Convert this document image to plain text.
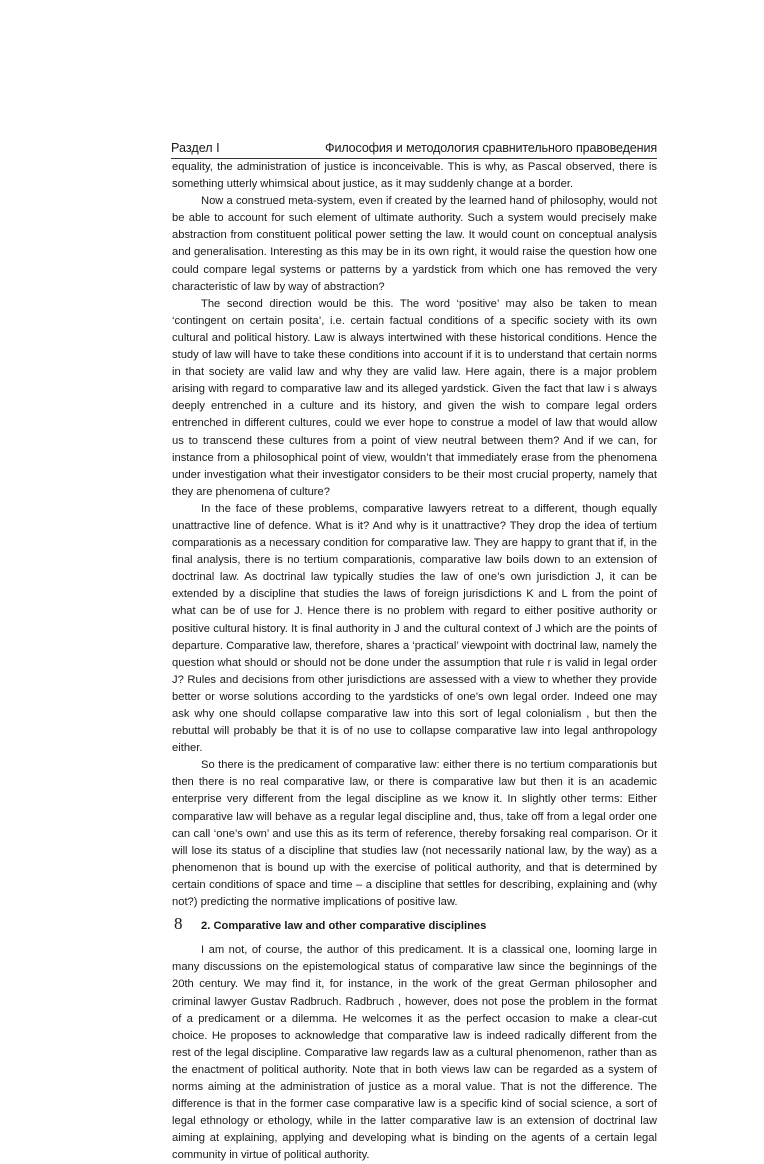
Раздел I	Философия и методология сравнительного правоведения

equality, the administration of justice is inconceivable. This is why, as Pascal observed, there is something utterly whimsical about justice, as it may suddenly change at a border.

Now a construed meta-system, even if created by the learned hand of philosophy, would not be able to account for such element of ultimate authority. Such a system would precisely make abstraction from constituent political power setting the law. It would count on conceptual analysis and generalisation. Interesting as this may be in its own right, it would raise the question how one could compare legal systems or patterns by a yardstick from which one has removed the very characteristic of law by way of abstraction?

The second direction would be this. The word ‘positive’ may also be taken to mean ‘contingent on certain posita’, i.e. certain factual conditions of a specific society with its own cultural and political history. Law is always intertwined with these historical conditions. Hence the study of law will have to take these conditions into account if it is to understand that certain norms in that society are valid law and why they are valid law. Here again, there is a major problem arising with regard to comparative law and its alleged yardstick. Given the fact that law i s always deeply entrenched in a culture and its history, and given the wish to compare legal orders entrenched in different cultures, could we ever hope to construe a model of law that would allow us to transcend these cultures from a point of view neutral between them? And if we can, for instance from a philosophical point of view, wouldn’t that immediately erase from the phenomena under investigation what their investigator considers to be their most crucial property, namely that they are phenomena of culture?

In the face of these problems, comparative lawyers retreat to a different, though equally unattractive line of defence. What is it? And why is it unattractive? They drop the idea of tertium comparationis as a necessary condition for comparative law. They are happy to grant that if, in the final analysis, there is no tertium comparationis, comparative law boils down to an extension of doctrinal law. As doctrinal law typically studies the law of one’s own jurisdiction J, it can be extended by a discipline that studies the laws of foreign jurisdictions K and L from the point of what can be of use for J. Hence there is no problem with regard to either positive authority or positive cultural history. It is final authority in J and the cultural context of J which are the points of departure. Comparative law, therefore, shares a ‘practical’ viewpoint with doctrinal law, namely the question what should or should not be done under the assumption that rule r is valid in legal order J? Rules and decisions from other jurisdictions are assessed with a view to whether they provide better or worse solutions according to the yardsticks of one’s own legal order. Indeed one may ask why one should collapse comparative law into this sort of legal colonialism , but then the rebuttal will probably be that it is of no use to collapse comparative law into legal anthropology either.

So there is the predicament of comparative law: either there is no tertium comparationis but then there is no real comparative law, or there is comparative law but then it is an academic enterprise very different from the legal discipline as we know it. In slightly other terms: Either comparative law will behave as a regular legal discipline and, thus, take off from a legal order one can call ‘one’s own’ and use this as its term of reference, thereby forsaking real comparison. Or it will lose its status of a discipline that studies law (not necessarily national law, by the way) as a phenomenon that is bound up with the exercise of political authority, and that is determined by certain conditions of space and time – a discipline that settles for describing, explaining and (why not?) predicting the normative implications of positive law.

2. Comparative law and other comparative disciplines

I am not, of course, the author of this predicament. It is a classical one, looming large in many discussions on the epistemological status of comparative law since the beginnings of the 20th century. We may find it, for instance, in the work of the great German philosopher and criminal lawyer Gustav Radbruch. Radbruch , however, does not pose the problem in the format of a predicament or a dilemma. He welcomes it as the perfect occasion to make a clear-cut choice. He proposes to acknowledge that comparative law is indeed radically different from the rest of the legal discipline. Comparative law regards law as a cultural phenomenon, rather than as the enactment of political authority. Note that in both views law can be regarded as a system of norms aiming at the administration of justice as a moral value. That is not the difference. The difference is that in the former case comparative law is a specific kind of social science, a sort of legal ethnology or ethology, while in the latter comparative law is an extension of doctrinal law aiming at explaining, applying and developing what is binding on the agents of a certain legal community in virtue of political authority.

8
